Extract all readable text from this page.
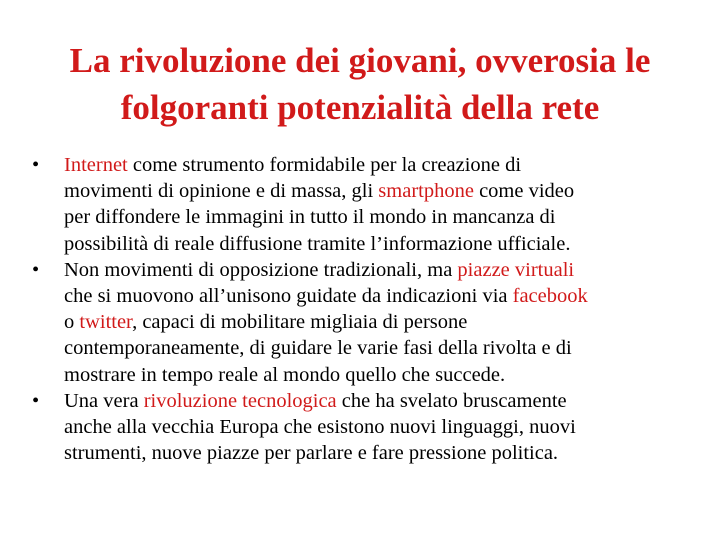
La rivoluzione dei giovani, ovverosia le
folgoranti potenzialità della rete
•	Internet come strumento formidabile per la creazione di
movimenti di opinione e di massa, gli smartphone come video
per diffondere le immagini in tutto il mondo in mancanza di
possibilità di reale diffusione tramite l’informazione ufficiale.
•	Non movimenti di opposizione tradizionali, ma piazze virtuali
che si muovono all’unisono guidate da indicazioni via facebook
o twitter, capaci di mobilitare migliaia di persone
contemporaneamente, di guidare le varie fasi della rivolta e di
mostrare in tempo reale al mondo quello che succede.
•	Una vera rivoluzione tecnologica che ha svelato bruscamente
anche alla vecchia Europa che esistono nuovi linguaggi, nuovi
strumenti, nuove piazze per parlare e fare pressione politica.
